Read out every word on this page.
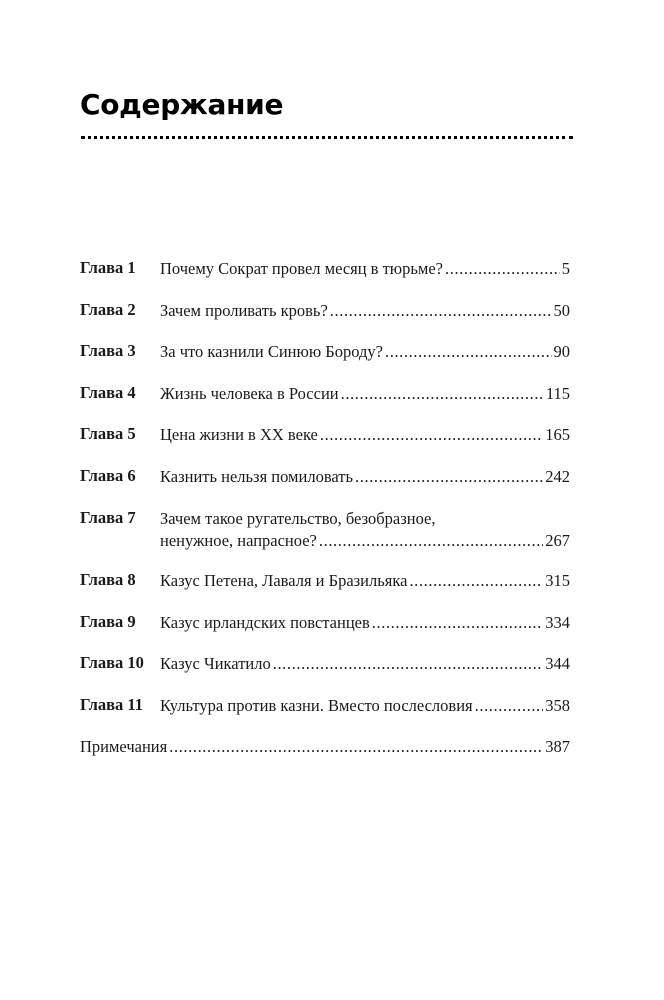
Содержание
Глава 1	Почему Сократ провел месяц в тюрьме? .....	5
Глава 2	Зачем проливать кровь? .....	50
Глава 3	За что казнили Синюю Бороду? .....	90
Глава 4	Жизнь человека в России .....	115
Глава 5	Цена жизни в XX веке .....	165
Глава 6	Казнить нельзя помиловать .....	242
Глава 7	Зачем такое ругательство, безобразное,
ненужное, напрасное? .....	267
Глава 8	Казус Петена, Лаваля и Бразильяка .....	315
Глава 9	Казус ирландских повстанцев .....	334
Глава 10 Казус Чикатило .....	344
Глава 11	Культура против казни. Вместо послесловия .....	358
Примечания .....	387
